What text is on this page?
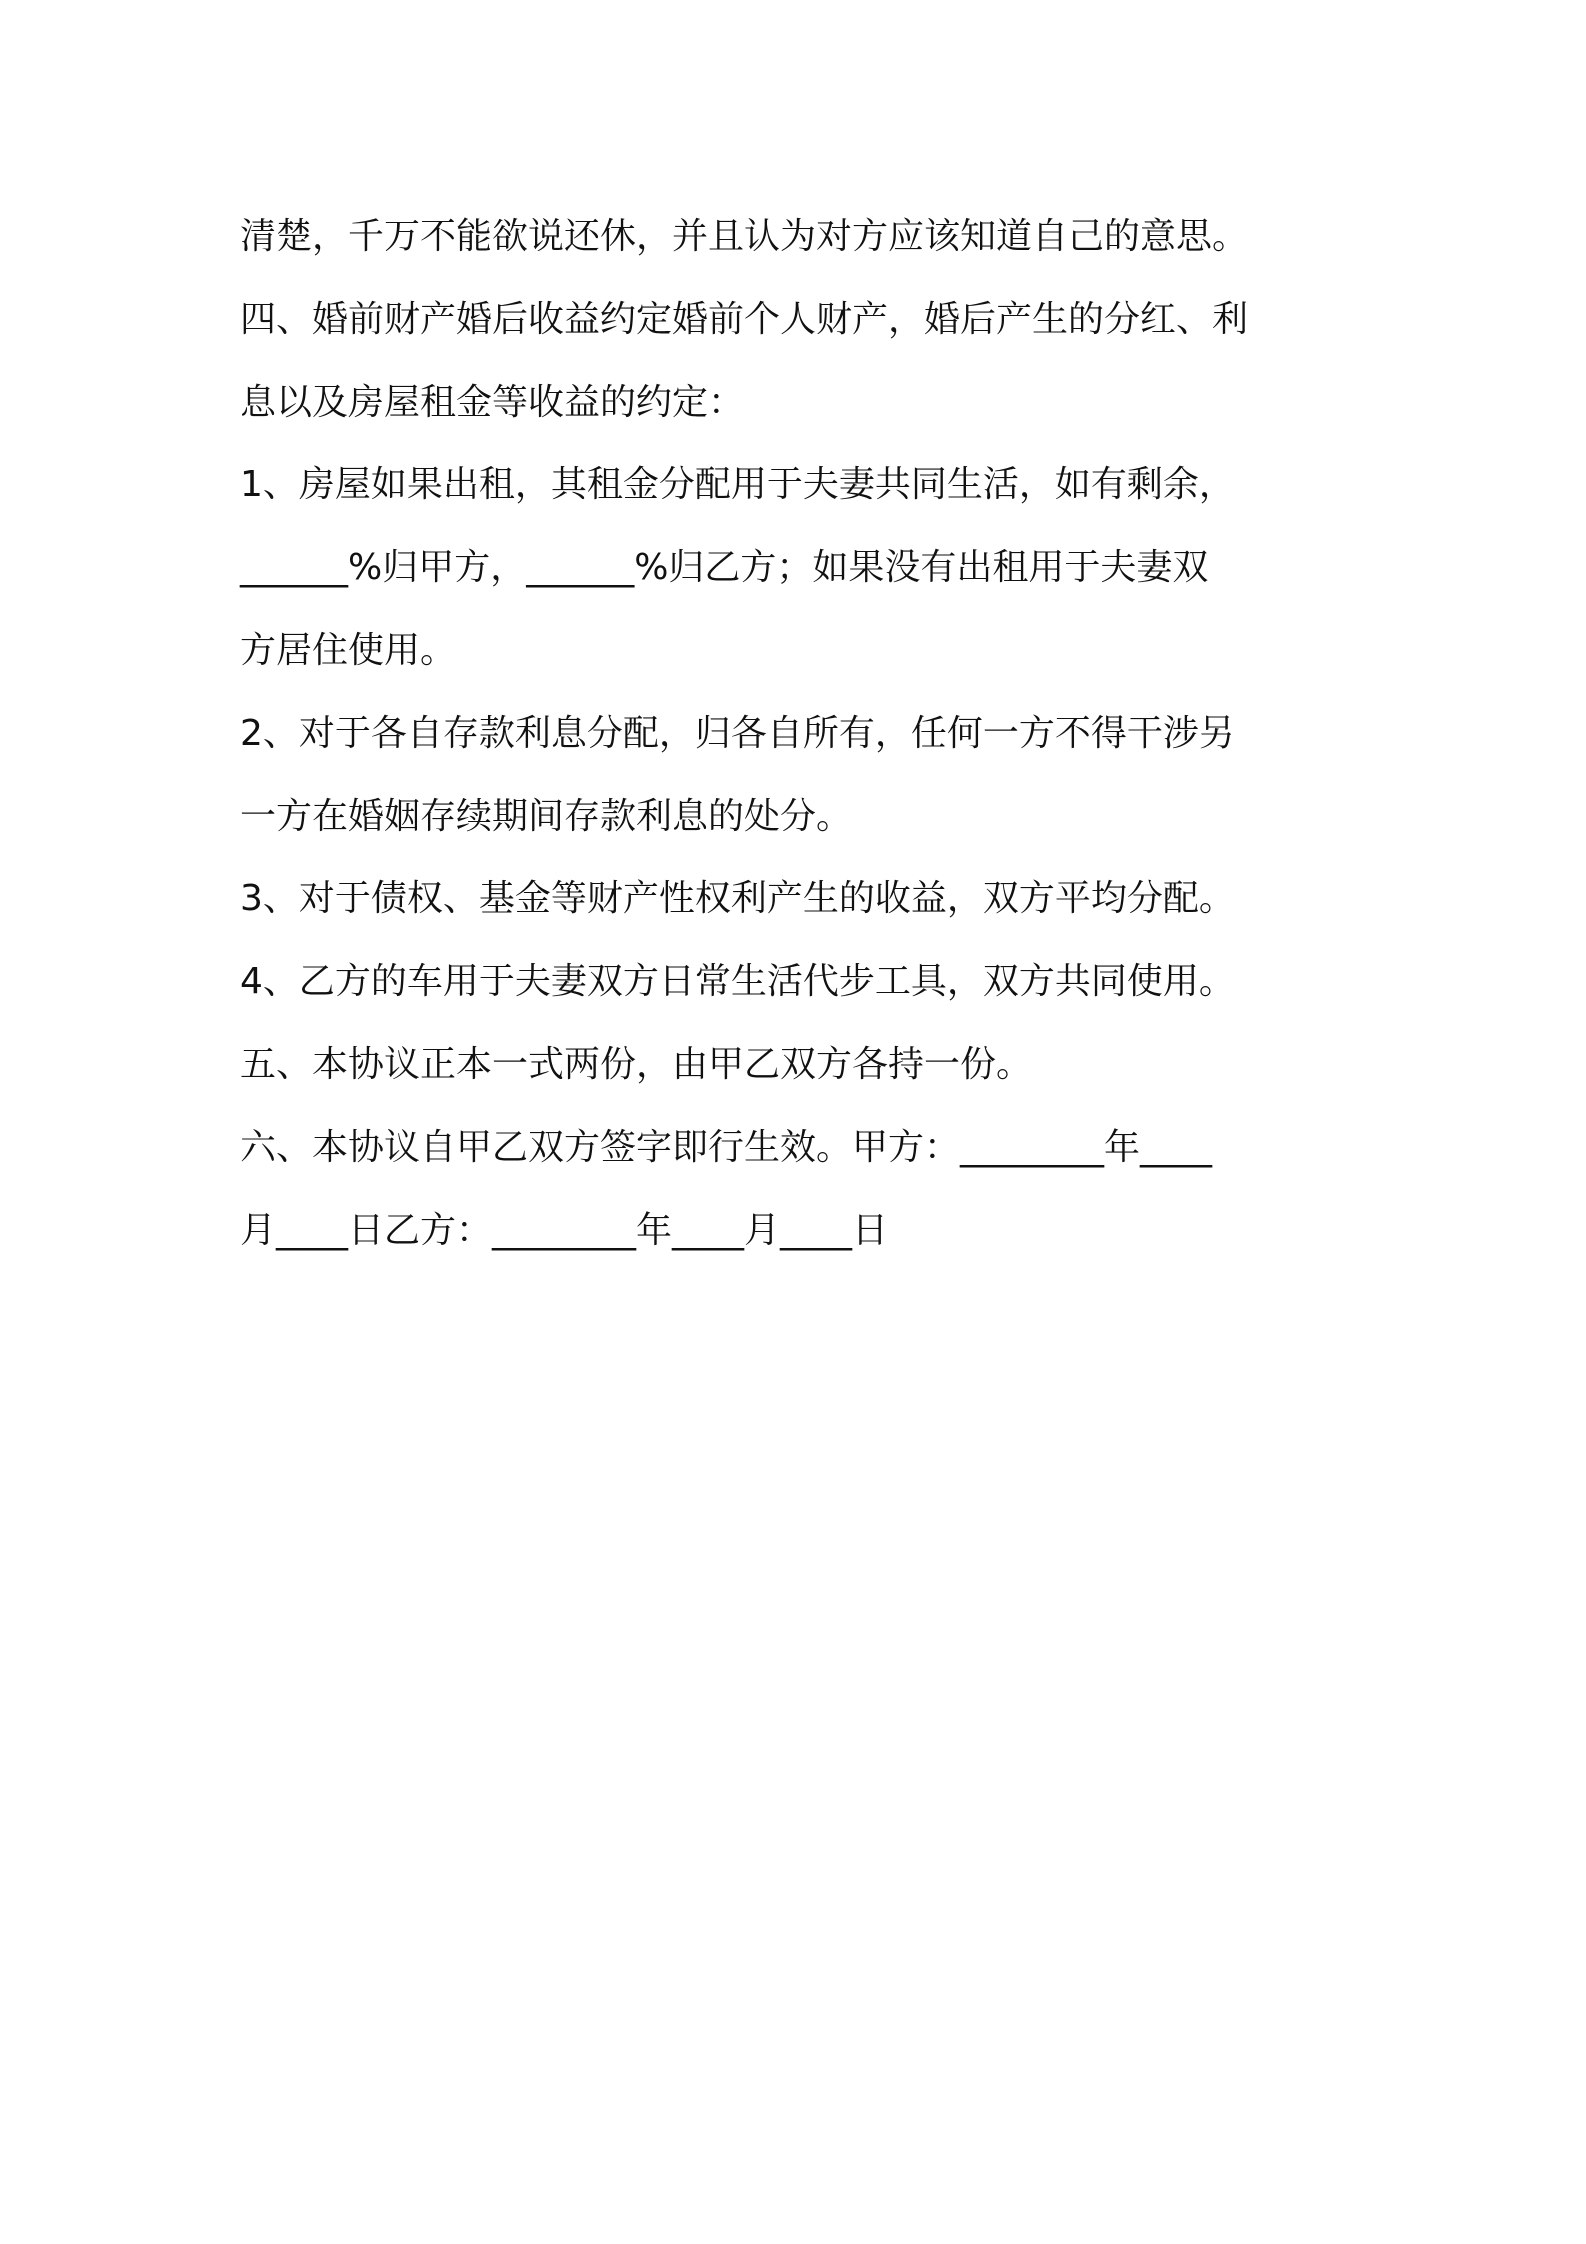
清楚，千万不能欲说还休，并且认为对方应该知道自己的意思。
四、婚前财产婚后收益约定婚前个人财产，婚后产生的分红、利
息以及房屋租金等收益的约定：
1、房屋如果出租，其租金分配用于夫妻共同生活，如有剩余，
______%归甲方，______%归乙方；如果没有出租用于夫妻双
方居住使用。
2、对于各自存款利息分配，归各自所有，任何一方不得干涉另
一方在婚姻存续期间存款利息的处分。
3、对于债权、基金等财产性权利产生的收益，双方平均分配。
4、乙方的车用于夫妻双方日常生活代步工具，双方共同使用。
五、本协议正本一式两份，由甲乙双方各持一份。
六、本协议自甲乙双方签字即行生效。甲方：________年____
月____日乙方：________年____月____日
